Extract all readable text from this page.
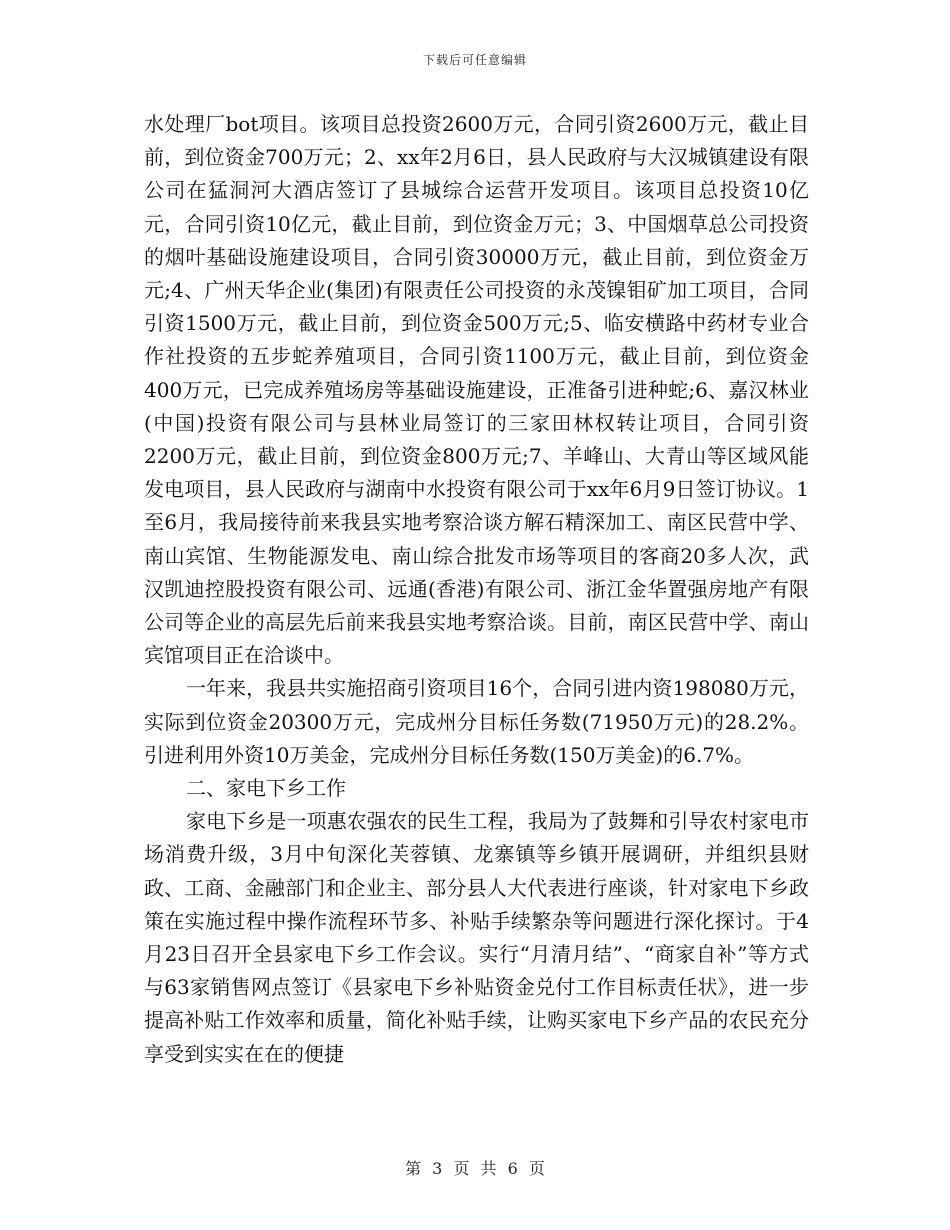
下载后可任意编辑

水处理厂bot项目。该项目总投资2600万元，合同引资2600万元，截止目前，到位资金700万元；2、xx年2月6日，县人民政府与大汉城镇建设有限公司在猛洞河大酒店签订了县城综合运营开发项目。该项目总投资10亿元，合同引资10亿元，截止目前，到位资金万元；3、中国烟草总公司投资的烟叶基础设施建设项目，合同引资30000万元，截止目前，到位资金万元;4、广州天华企业(集团)有限责任公司投资的永茂镍钼矿加工项目，合同引资1500万元，截止目前，到位资金500万元;5、临安横路中药材专业合作社投资的五步蛇养殖项目，合同引资1100万元，截止目前，到位资金400万元，已完成养殖场房等基础设施建设，正准备引进种蛇;6、嘉汉林业(中国)投资有限公司与县林业局签订的三家田林权转让项目，合同引资2200万元，截止目前，到位资金800万元;7、羊峰山、大青山等区域风能发电项目，县人民政府与湖南中水投资有限公司于xx年6月9日签订协议。1至6月，我局接待前来我县实地考察洽谈方解石精深加工、南区民营中学、南山宾馆、生物能源发电、南山综合批发市场等项目的客商20多人次，武汉凯迪控股投资有限公司、远通(香港)有限公司、浙江金华置强房地产有限公司等企业的高层先后前来我县实地考察洽谈。目前，南区民营中学、南山宾馆项目正在洽谈中。

一年来，我县共实施招商引资项目16个，合同引进内资198080万元，实际到位资金20300万元，完成州分目标任务数(71950万元)的28.2%。引进利用外资10万美金，完成州分目标任务数(150万美金)的6.7%。

二、家电下乡工作

家电下乡是一项惠农强农的民生工程，我局为了鼓舞和引导农村家电市场消费升级，3月中旬深化芙蓉镇、龙寨镇等乡镇开展调研，并组织县财政、工商、金融部门和企业主、部分县人大代表进行座谈，针对家电下乡政策在实施过程中操作流程环节多、补贴手续繁杂等问题进行深化探讨。于4月23日召开全县家电下乡工作会议。实行“月清月结”、“商家自补”等方式与63家销售网点签订《县家电下乡补贴资金兑付工作目标责任状》，进一步提高补贴工作效率和质量，简化补贴手续，让购买家电下乡产品的农民充分享受到实实在在的便捷

第 3 页 共 6 页
